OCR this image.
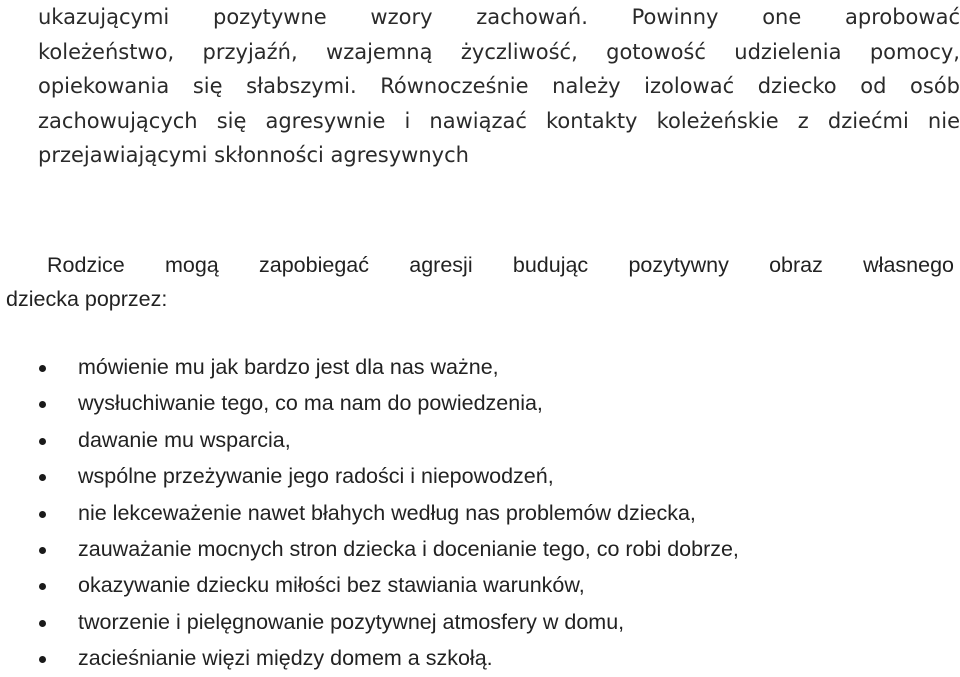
ukazującymi pozytywne wzory zachowań. Powinny one aprobować
koleżeństwo, przyjaźń, wzajemną życzliwość, gotowość udzielenia pomocy,
opiekowania się słabszymi. Równocześnie należy izolować dziecko od osób
zachowujących się agresywnie i nawiązać kontakty koleżeńskie z dziećmi nie
przejawiającymi skłonności agresywnych
Rodzice mogą zapobiegać agresji budując pozytywny obraz własnego
dziecka poprzez:
mówienie mu jak bardzo jest dla nas ważne,
wysłuchiwanie tego, co ma nam do powiedzenia,
dawanie mu wsparcia,
wspólne przeżywanie jego radości i niepowodzeń,
nie lekceważenie nawet błahych według nas problemów dziecka,
zauważanie mocnych stron dziecka i docenianie tego, co robi dobrze,
okazywanie dziecku miłości bez stawiania warunków,
tworzenie i pielęgnowanie pozytywnej atmosfery w domu,
zacieśnianie więzi między domem a szkołą.
